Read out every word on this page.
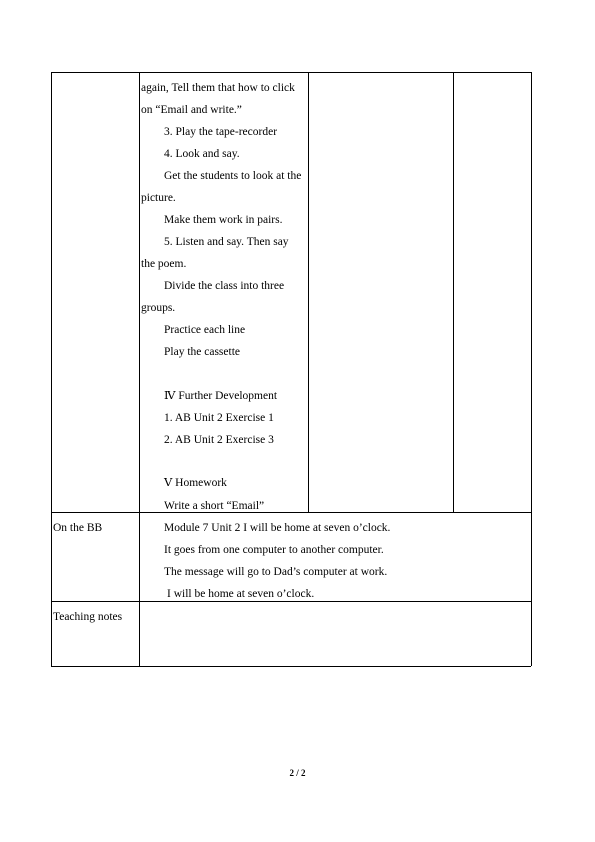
again, Tell them that how to click
on “Email and write.”
3. Play the tape-recorder
4. Look and say.
Get the students to look at the
picture.
Make them work in pairs.
5. Listen and say. Then say
the poem.
Divide the class into three
groups.
Practice each line
Play the cassette
Ⅳ Further Development
1. AB Unit 2 Exercise 1
2. AB Unit 2 Exercise 3
Ⅴ Homework
Write a short “Email”
On the BB	Module 7 Unit 2 I will be home at seven o’clock.
It goes from one computer to another computer.
The message will go to Dad’s computer at work.
I will be home at seven o’clock.
Teaching notes
2 / 2
